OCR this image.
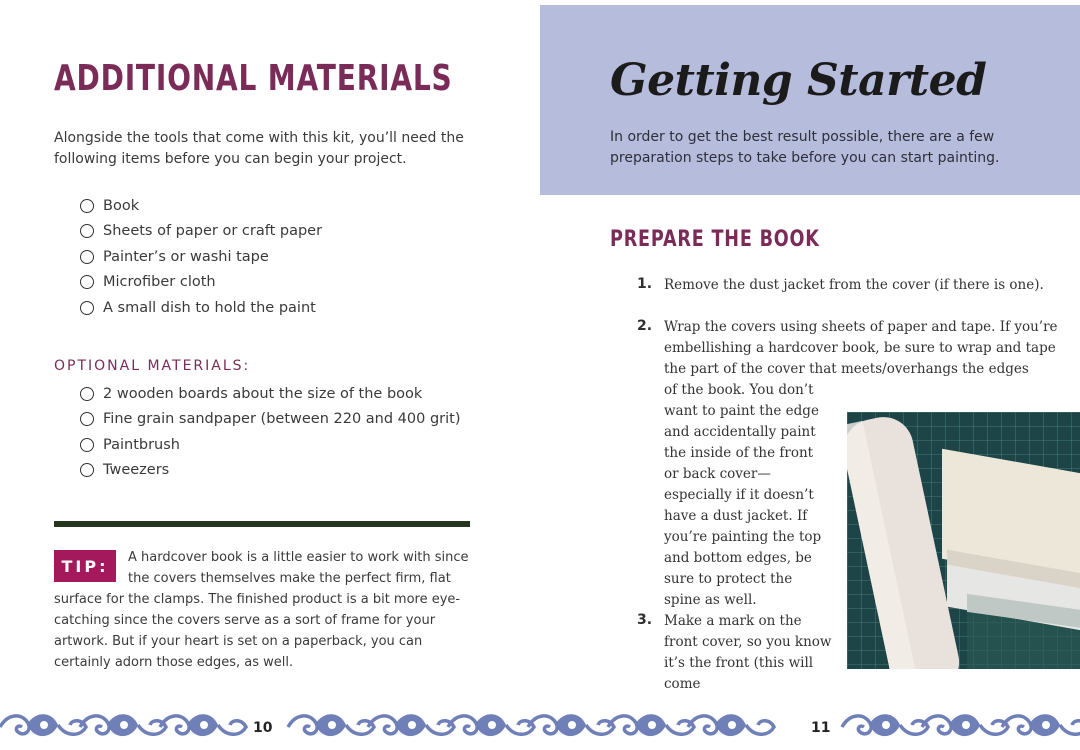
ADDITIONAL MATERIALS

Alongside the tools that come with this kit, you’ll need the following items before you can begin your project.

Book
Sheets of paper or craft paper
Painter’s or washi tape
Microfiber cloth
A small dish to hold the paint
OPTIONAL MATERIALS:
2 wooden boards about the size of the book
Fine grain sandpaper (between 220 and 400 grit)
Paintbrush
Tweezers
TIP:	A hardcover book is a little easier to work with since the covers themselves make the perfect firm, flat

surface for the clamps. The finished product is a bit more eye-catching since the covers serve as a sort of frame for your artwork. But if your heart is set on a paperback, you can certainly adorn those edges, as well.

Getting Started

In order to get the best result possible, there are a few preparation steps to take before you can start painting.

PREPARE THE BOOK
1. Remove the dust jacket from the cover (if there is one).

2. Wrap the covers using sheets of paper and tape. If you’re embellishing a hardcover book, be sure to wrap and tape the part of the cover that meets/overhangs the edges

of the book. You don’t want to paint the edge and accidentally paint the inside of the front or back cover—especially if it doesn’t have a dust jacket. If you’re painting the top and bottom edges, be sure to protect the spine as well.

3. Make a mark on the front cover, so you know it’s the front (this will come

10	11
